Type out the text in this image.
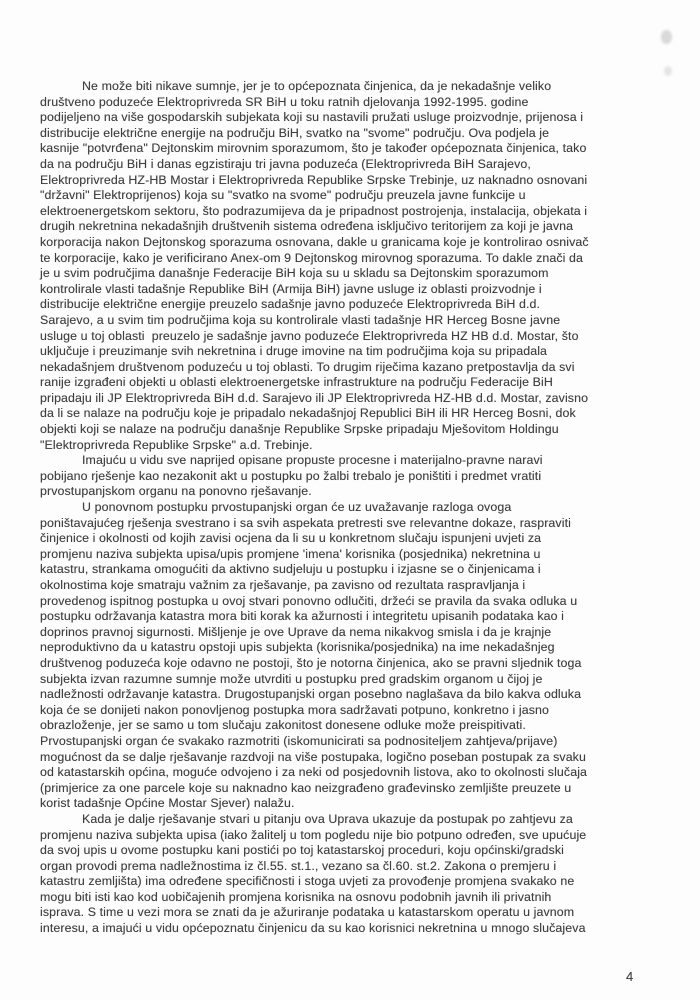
Ne može biti nikave sumnje, jer je to općepoznata činjenica, da je nekadašnje veliko
društveno poduzeće Elektroprivreda SR BiH u toku ratnih djelovanja 1992-1995. godine
podijeljeno na više gospodarskih subjekata koji su nastavili pružati usluge proizvodnje, prijenosa i
distribucije električne energije na području BiH, svatko na "svome" području. Ova podjela je
kasnije "potvrđena" Dejtonskim mirovnim sporazumom, što je također općepoznata činjenica, tako
da na području BiH i danas egzistiraju tri javna poduzeća (Elektroprivreda BiH Sarajevo,
Elektroprivreda HZ-HB Mostar i Elektroprivreda Republike Srpske Trebinje, uz naknadno osnovani
"državni" Elektroprijenos) koja su "svatko na svome" području preuzela javne funkcije u
elektroenergetskom sektoru, što podrazumijeva da je pripadnost postrojenja, instalacija, objekata i
drugih nekretnina nekadašnjih društvenih sistema određena isključivo teritorijem za koji je javna
korporacija nakon Dejtonskog sporazuma osnovana, dakle u granicama koje je kontrolirao osnivač
te korporacije, kako je verificirano Anex-om 9 Dejtonskog mirovnog sporazuma. To dakle znači da
je u svim područjima današnje Federacije BiH koja su u skladu sa Dejtonskim sporazumom
kontrolirale vlasti tadašnje Republike BiH (Armija BiH) javne usluge iz oblasti proizvodnje i
distribucije električne energije preuzelo sadašnje javno poduzeće Elektroprivreda BiH d.d.
Sarajevo, a u svim tim područjima koja su kontrolirale vlasti tadašnje HR Herceg Bosne javne
usluge u toj oblasti  preuzelo je sadašnje javno poduzeće Elektroprivreda HZ HB d.d. Mostar, što
uključuje i preuzimanje svih nekretnina i druge imovine na tim područjima koja su pripadala
nekadašnjem društvenom poduzeću u toj oblasti. To drugim riječima kazano pretpostavlja da svi
ranije izgrađeni objekti u oblasti elektroenergetske infrastrukture na području Federacije BiH
pripadaju ili JP Elektroprivreda BiH d.d. Sarajevo ili JP Elektroprivreda HZ-HB d.d. Mostar, zavisno
da li se nalaze na području koje je pripadalo nekadašnjoj Republici BiH ili HR Herceg Bosni, dok
objekti koji se nalaze na području današnje Republike Srpske pripadaju Mješovitom Holdingu
"Elektroprivreda Republike Srpske" a.d. Trebinje.

Imajuću u vidu sve naprijed opisane propuste procesne i materijalno-pravne naravi
pobijano rješenje kao nezakonit akt u postupku po žalbi trebalo je poništiti i predmet vratiti
prvostupanjskom organu na ponovno rješavanje.

U ponovnom postupku prvostupanjski organ će uz uvažavanje razloga ovoga
poništavajućeg rješenja svestrano i sa svih aspekata pretresti sve relevantne dokaze, raspraviti
činjenice i okolnosti od kojih zavisi ocjena da li su u konkretnom slučaju ispunjeni uvjeti za
promjenu naziva subjekta upisa/upis promjene 'imena' korisnika (posjednika) nekretnina u
katastru, strankama omogućiti da aktivno sudjeluju u postupku i izjasne se o činjenicama i
okolnostima koje smatraju važnim za rješavanje, pa zavisno od rezultata raspravljanja i
provedenog ispitnog postupka u ovoj stvari ponovno odlučiti, držeći se pravila da svaka odluka u
postupku održavanja katastra mora biti korak ka ažurnosti i integritetu upisanih podataka kao i
doprinos pravnoj sigurnosti. Mišljenje je ove Uprave da nema nikakvog smisla i da je krajnje
neproduktivno da u katastru opstoji upis subjekta (korisnika/posjednika) na ime nekadašnjeg
društvenog poduzeća koje odavno ne postoji, što je notorna činjenica, ako se pravni sljednik toga
subjekta izvan razumne sumnje može utvrditi u postupku pred gradskim organom u čijoj je
nadležnosti održavanje katastra. Drugostupanjski organ posebno naglašava da bilo kakva odluka
koja će se donijeti nakon ponovljenog postupka mora sadržavati potpuno, konkretno i jasno
obrazloženje, jer se samo u tom slučaju zakonitost donesene odluke može preispitivati.
Prvostupanjski organ će svakako razmotriti (iskomunicirati sa podnositeljem zahtjeva/prijave)
mogućnost da se dalje rješavanje razdvoji na više postupaka, logično poseban postupak za svaku
od katastarskih općina, moguće odvojeno i za neki od posjedovnih listova, ako to okolnosti slučaja
(primjerice za one parcele koje su naknadno kao neizgrađeno građevinsko zemljište preuzete u
korist tadašnje Općine Mostar Sjever) nalažu.

Kada je dalje rješavanje stvari u pitanju ova Uprava ukazuje da postupak po zahtjevu za
promjenu naziva subjekta upisa (iako žalitelj u tom pogledu nije bio potpuno određen, sve upućuje
da svoj upis u ovome postupku kani postići po toj katastarskoj proceduri, koju općinski/gradski
organ provodi prema nadležnostima iz čl.55. st.1., vezano sa čl.60. st.2. Zakona o premjeru i
katastru zemljišta) ima određene specifičnosti i stoga uvjeti za provođenje promjena svakako ne
mogu biti isti kao kod uobičajenih promjena korisnika na osnovu podobnih javnih ili privatnih
isprava. S time u vezi mora se znati da je ažuriranje podataka u katastarskom operatu u javnom
interesu, a imajući u vidu općepoznatu činjenicu da su kao korisnici nekretnina u mnogo slučajeva

4
